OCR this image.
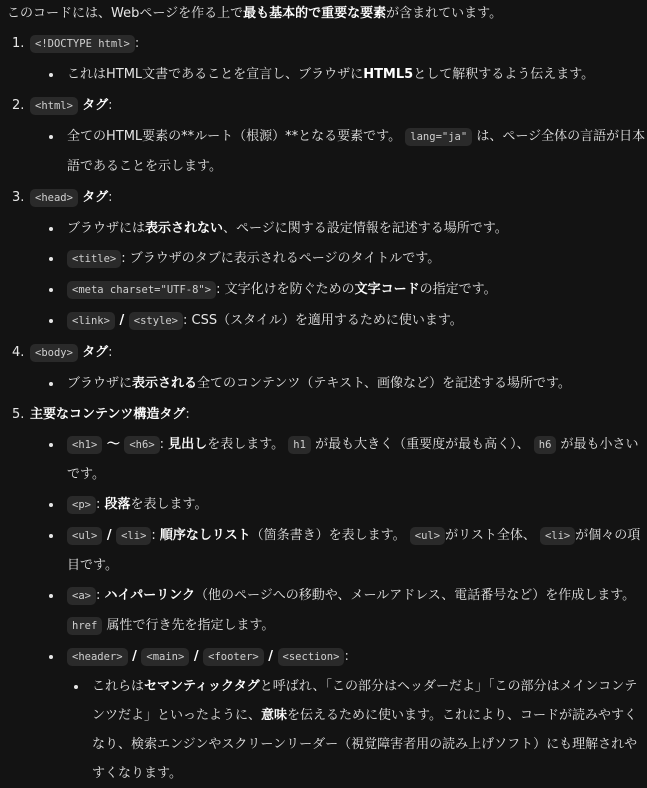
このコードには、Webページを作る上で最も基本的で重要な要素が含まれています。

1. <!DOCTYPE html> :
これはHTML文書であることを宣言し、ブラウザにHTML5として解釈するよう伝えます。
2. <html> タグ:
全てのHTML要素の**ルート（根源）**となる要素です。 lang="ja" は、ページ全体の言語が日本語であることを示します。
3. <head> タグ:
ブラウザには表示されない、ページに関する設定情報を記述する場所です。
<title> : ブラウザのタブに表示されるページのタイトルです。
<meta charset="UTF-8"> : 文字化けを防ぐための文字コードの指定です。
<link> / <style> : CSS（スタイル）を適用するために使います。
4. <body> タグ:
ブラウザに表示される全てのコンテンツ（テキスト、画像など）を記述する場所です。
5. 主要なコンテンツ構造タグ:
<h1> 〜 <h6> : 見出しを表します。 h1 が最も大きく（重要度が最も高く）、 h6 が最も小さいです。
<p> : 段落を表します。
<ul> / <li> : 順序なしリスト（箇条書き）を表します。 <ul> がリスト全体、 <li> が個々の項目です。
<a> : ハイパーリンク（他のページへの移動や、メールアドレス、電話番号など）を作成します。 href 属性で行き先を指定します。
<header> / <main> / <footer> / <section> :
これらはセマンティックタグと呼ばれ、「この部分はヘッダーだよ」「この部分はメインコンテンツだよ」といったように、意味を伝えるために使います。これにより、コードが読みやすくなり、検索エンジンやスクリーンリーダー（視覚障害者用の読み上げソフト）にも理解されやすくなります。
